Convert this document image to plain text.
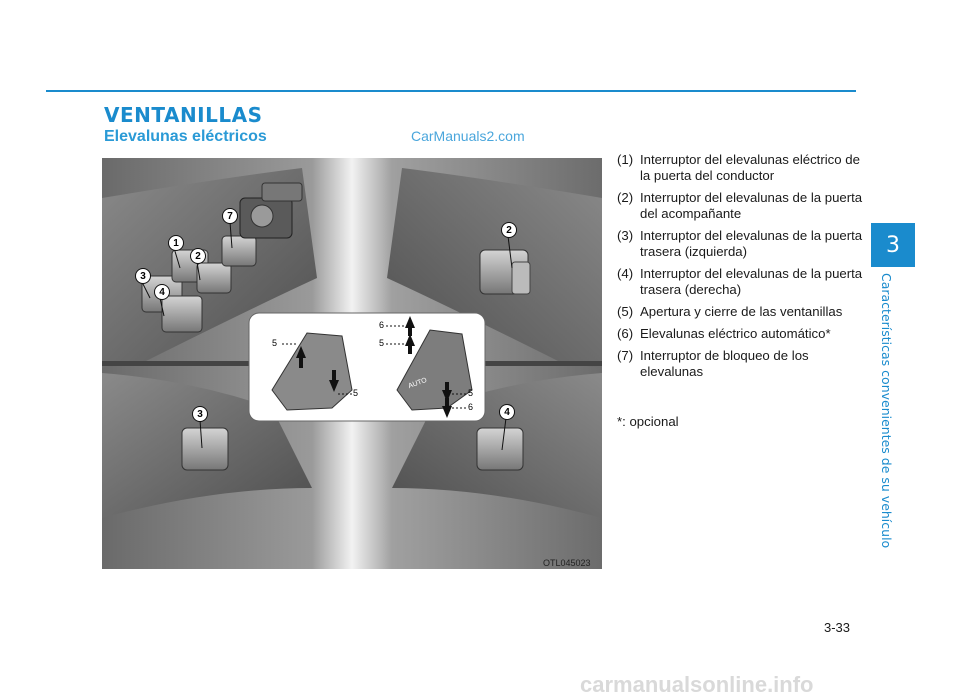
VENTANILLAS
Elevalunas eléctricos	CarManuals2.com
1
2
3
4
7
2
3	4
5
5
6
5
5
6
AUTO
OTL045023
(1) Interruptor del elevalunas eléctrico de la puerta del conductor
(2) Interruptor del elevalunas de la puerta del acompañante
(3) Interruptor del elevalunas de la puerta trasera (izquierda)
(4) Interruptor del elevalunas de la puerta trasera (derecha)
(5) Apertura y cierre de las ventanillas
(6) Elevalunas eléctrico automático*
(7) Interruptor de bloqueo de los elevalunas
*: opcional
3
Características convenientes de su vehículo
3-33
carmanualsonline.info
